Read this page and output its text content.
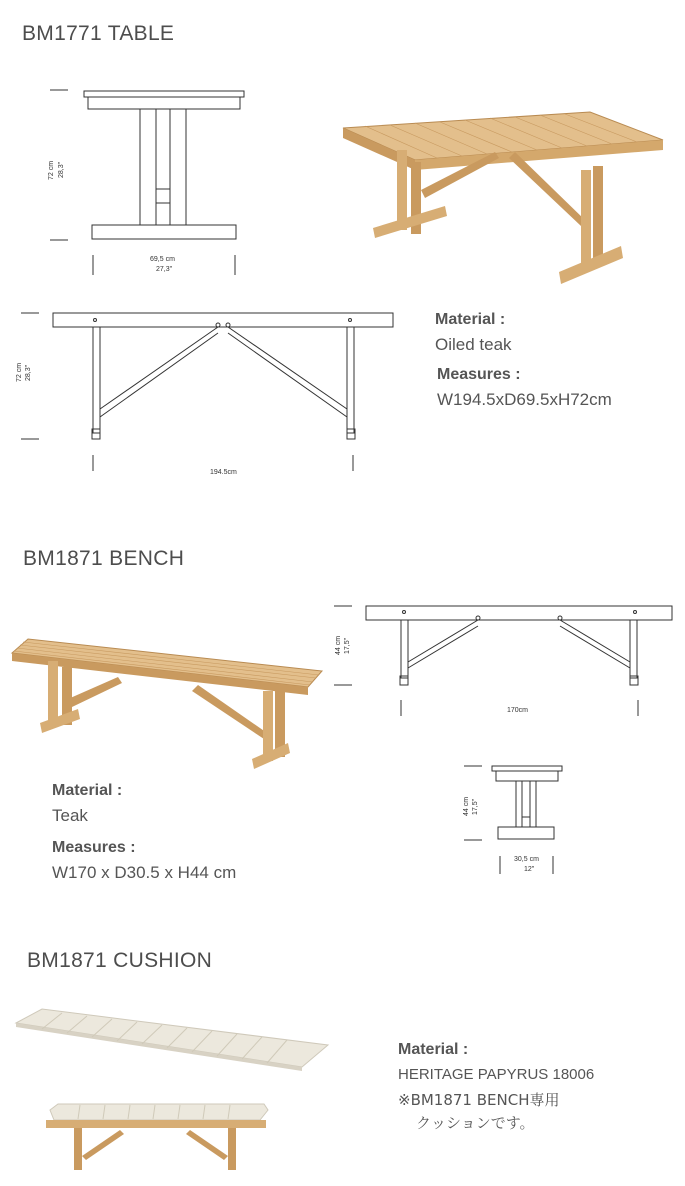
BM1771 TABLE
72 cm 28,3"
69,5 cm
27,3"
72 cm 28,3"
194.5cm
Material :
Oiled teak
Measures :
W194.5xD69.5xH72cm
BM1871 BENCH
44 cm 17,5"
170cm
44 cm 17,5"
30,5 cm
12"
Material :
Teak
Measures :
W170 x D30.5 x H44 cm
BM1871 CUSHION
Material :
HERITAGE PAPYRUS 18006
※BM1871 BENCH専用
クッションです。
